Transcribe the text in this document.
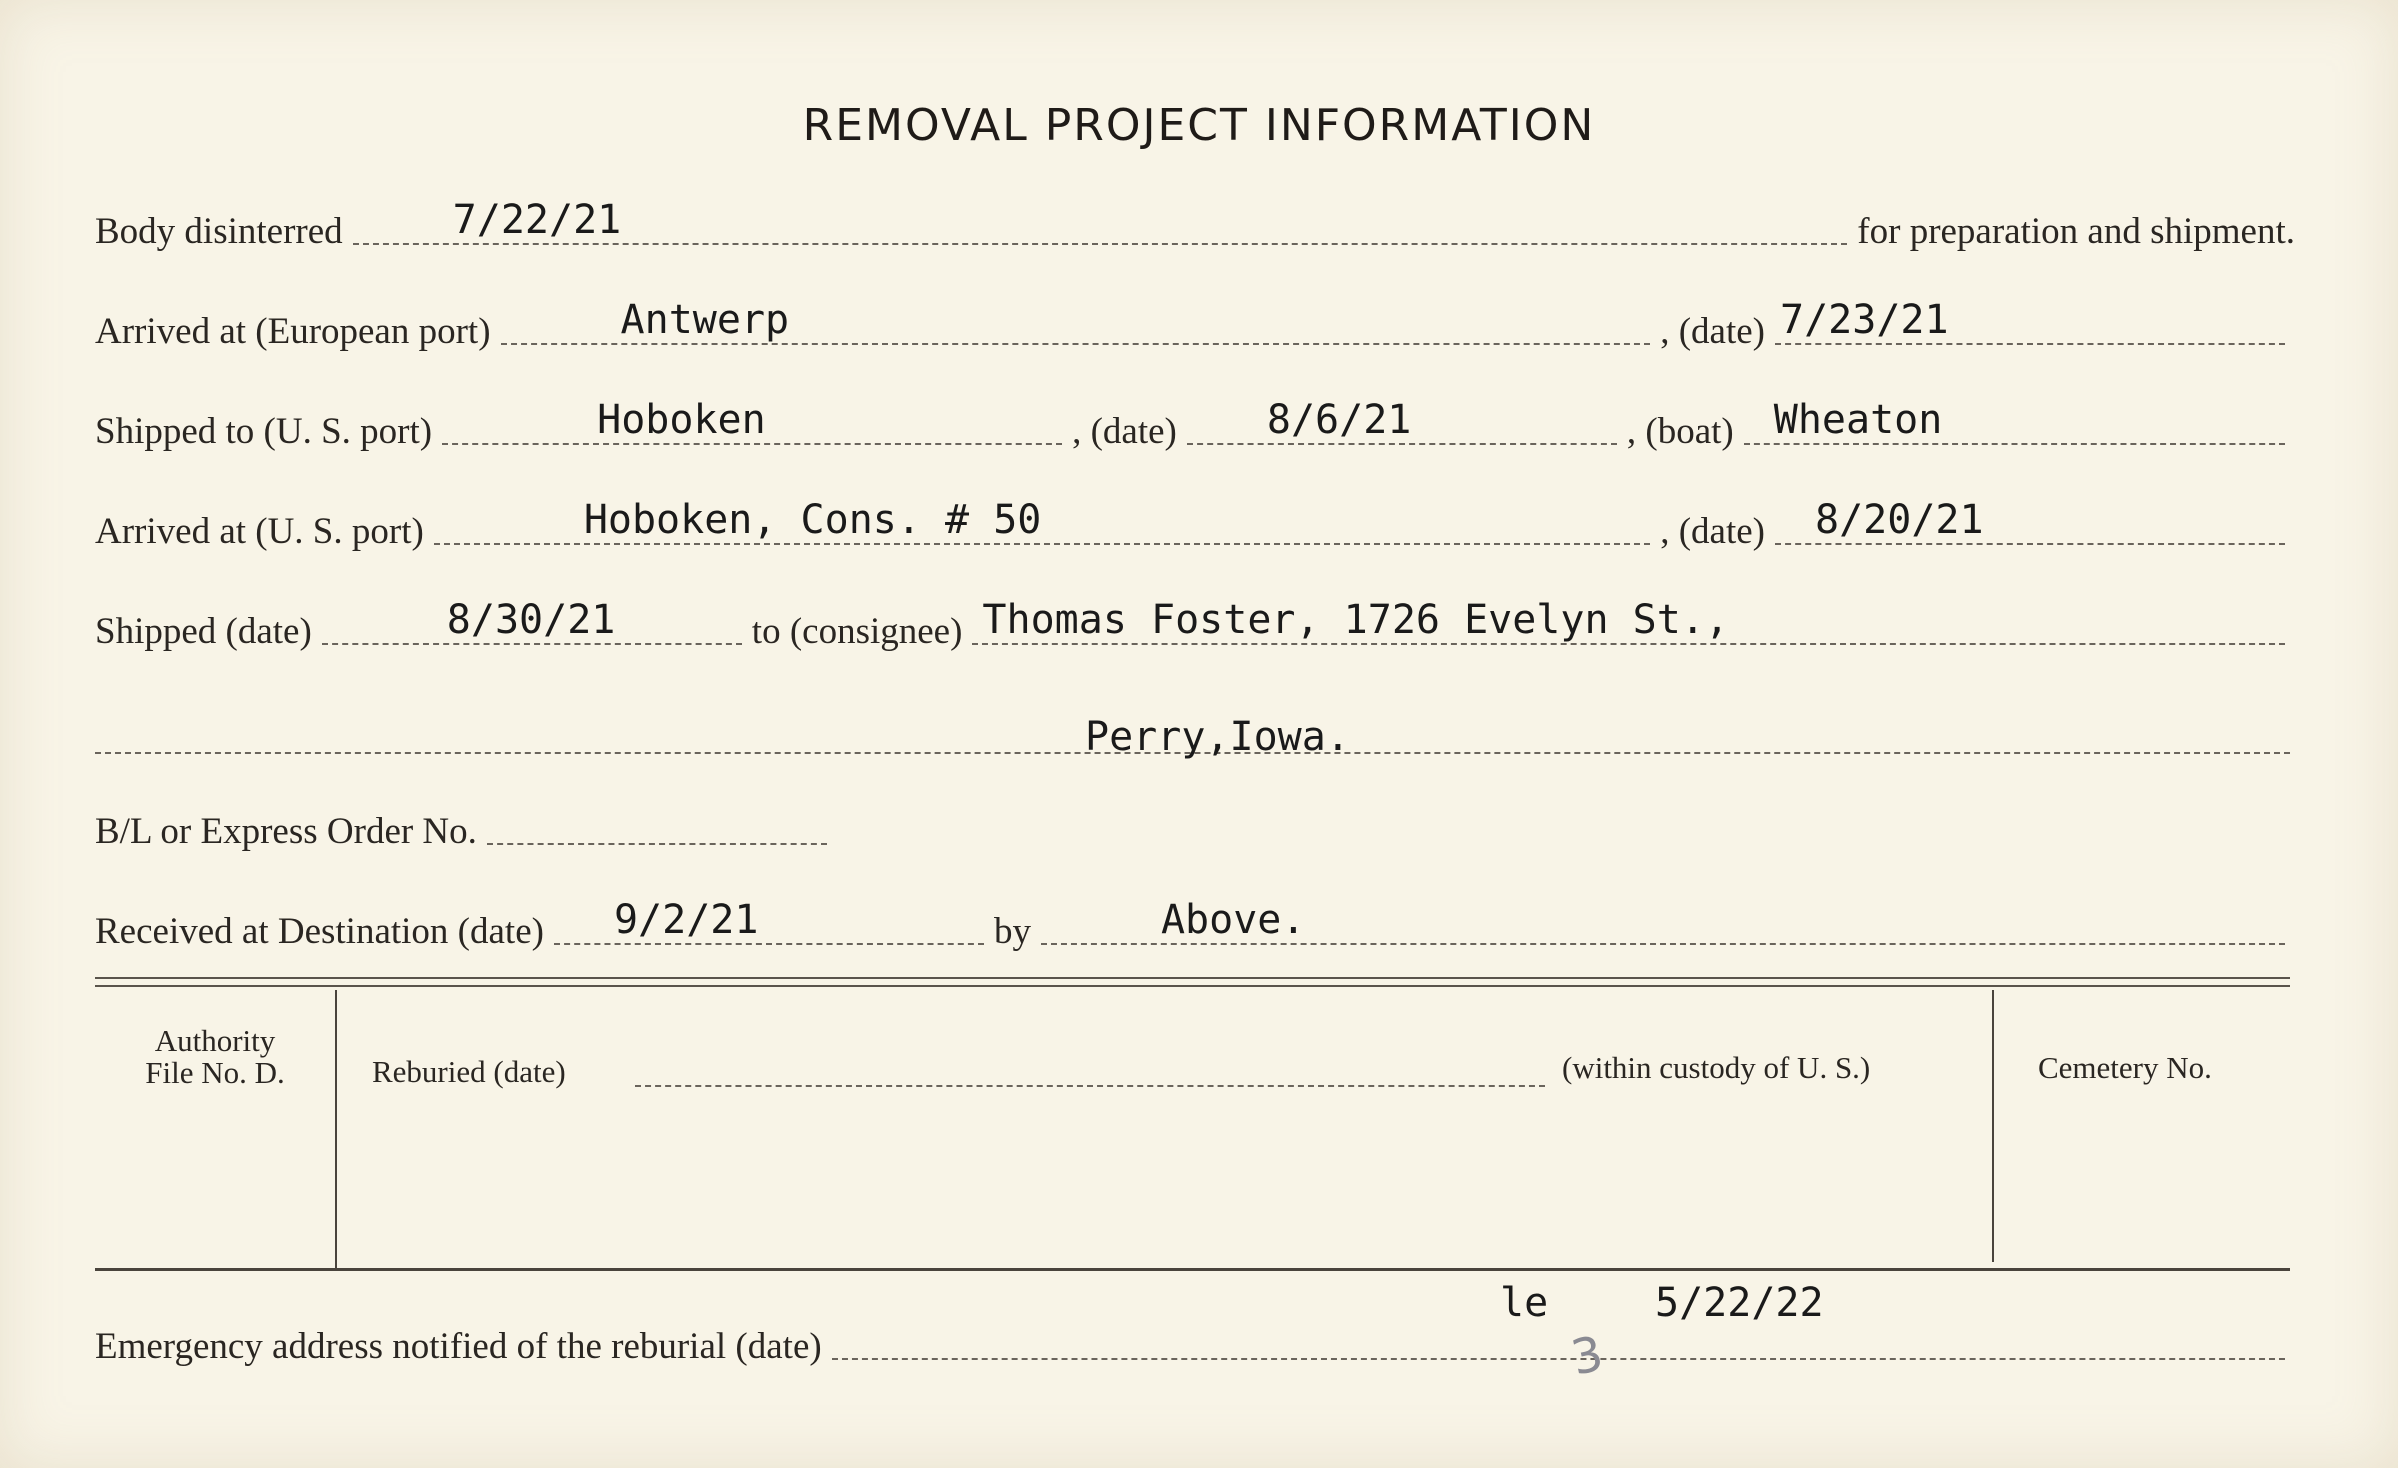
REMOVAL PROJECT INFORMATION
Body disinterred	7/22/21	for preparation and shipment.
Arrived at (European port)	Antwerp	, (date) 7/23/21
Shipped to (U. S. port)	Hoboken	, (date) 8/6/21	, (boat) Wheaton
Arrived at (U. S. port)	Hoboken, Cons. # 50	, (date) 8/20/21
Shipped (date)	8/30/21	to (consignee) Thomas Foster, 1726 Evelyn St.,
Perry,Iowa.
B/L or Express Order No.
Received at Destination (date) 9/2/21	by	Above.
Authority
File No. D.	Reburied (date)	(within custody of U. S.)	Cemetery No.
Emergency address notified of the reburial (date)
le	5/22/22
3
